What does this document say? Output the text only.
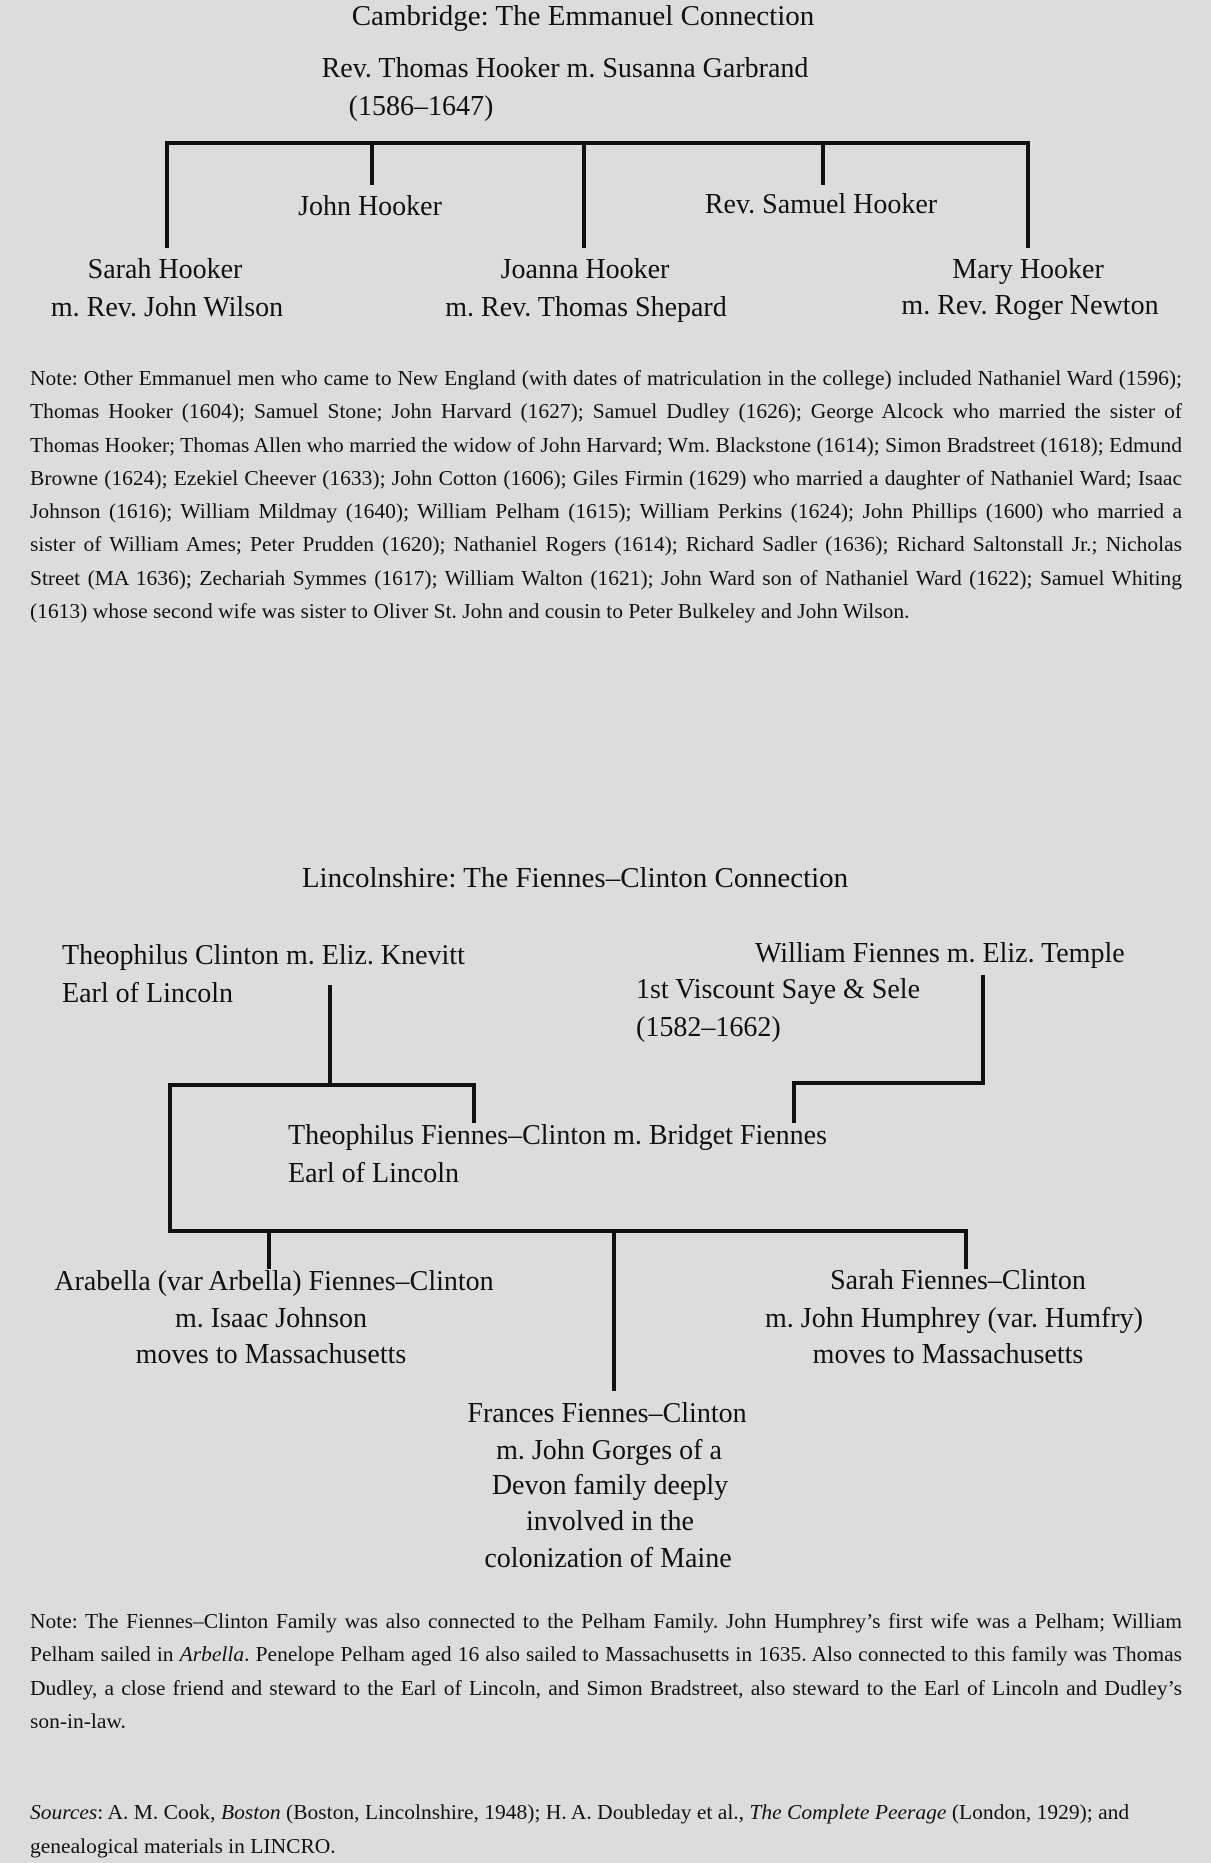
Cambridge: The Emmanuel Connection
Rev. Thomas Hooker m. Susanna Garbrand
(1586–1647)
Sarah Hooker
m. Rev. John Wilson
John Hooker
Joanna Hooker
m. Rev. Thomas Shepard
Rev. Samuel Hooker
Mary Hooker
m. Rev. Roger Newton
Note: Other Emmanuel men who came to New England (with dates of matriculation in the college) included Nathaniel Ward (1596); Thomas Hooker (1604); Samuel Stone; John Harvard (1627); Samuel Dudley (1626); George Alcock who married the sister of Thomas Hooker; Thomas Allen who married the widow of John Harvard; Wm. Blackstone (1614); Simon Bradstreet (1618); Edmund Browne (1624); Ezekiel Cheever (1633); John Cotton (1606); Giles Firmin (1629) who married a daughter of Nathaniel Ward; Isaac Johnson (1616); William Mildmay (1640); William Pelham (1615); William Perkins (1624); John Phillips (1600) who married a sister of William Ames; Peter Prudden (1620); Nathaniel Rogers (1614); Richard Sadler (1636); Richard Saltonstall Jr.; Nicholas Street (MA 1636); Zechariah Symmes (1617); William Walton (1621); John Ward son of Nathaniel Ward (1622); Samuel Whiting (1613) whose second wife was sister to Oliver St. John and cousin to Peter Bulkeley and John Wilson.
Lincolnshire: The Fiennes–Clinton Connection
Theophilus Clinton m. Eliz. Knevitt
Earl of Lincoln
William Fiennes m. Eliz. Temple
1st Viscount Saye & Sele
(1582–1662)
Theophilus Fiennes–Clinton m. Bridget Fiennes
Earl of Lincoln
Arabella (var Arbella) Fiennes–Clinton
m. Isaac Johnson
moves to Massachusetts
Frances Fiennes–Clinton
m. John Gorges of a
Devon family deeply
involved in the
colonization of Maine
Sarah Fiennes–Clinton
m. John Humphrey (var. Humfry)
moves to Massachusetts
Note: The Fiennes–Clinton Family was also connected to the Pelham Family. John Humphrey’s first wife was a Pelham; William Pelham sailed in Arbella. Penelope Pelham aged 16 also sailed to Massachusetts in 1635. Also connected to this family was Thomas Dudley, a close friend and steward to the Earl of Lincoln, and Simon Bradstreet, also steward to the Earl of Lincoln and Dudley’s son-in-law.
Sources: A. M. Cook, Boston (Boston, Lincolnshire, 1948); H. A. Doubleday et al., The Complete Peerage (London, 1929); and genealogical materials in LINCRO.
